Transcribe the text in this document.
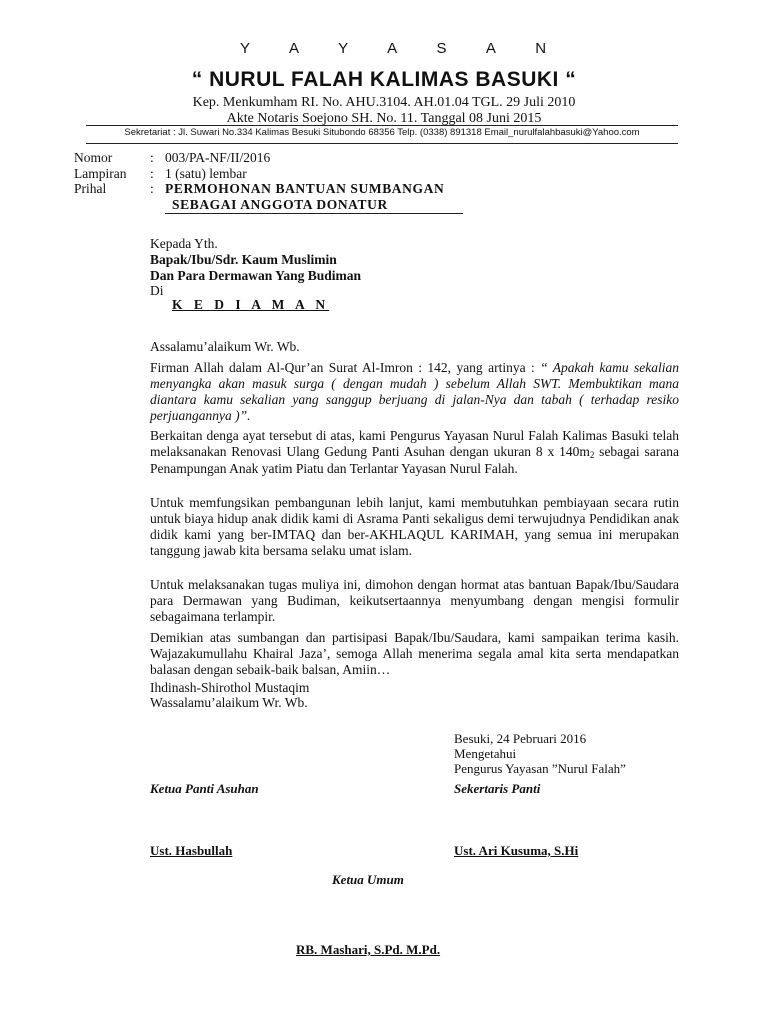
Y A Y A S A N
“ NURUL FALAH KALIMAS BASUKI “
Kep. Menkumham RI. No. AHU.3104. AH.01.04 TGL. 29 Juli 2010
Akte Notaris Soejono SH. No. 11. Tanggal 08 Juni 2015
Sekretariat : Jl. Suwari No.334 Kalimas Besuki Situbondo 68356 Telp. (0338) 891318 Email_nurulfalahbasuki@Yahoo.com
Nomor	: 003/PA-NF/II/2016
Lampiran : 1 (satu) lembar
Prihal	: PERMOHONAN BANTUAN SUMBANGAN
SEBAGAI ANGGOTA DONATUR
Kepada Yth.
Bapak/Ibu/Sdr. Kaum Muslimin
Dan Para Dermawan Yang Budiman
Di
K E D I A M A N
Assalamu’alaikum Wr. Wb.
Firman Allah dalam Al-Qur’an Surat Al-Imron : 142, yang artinya : “ Apakah kamu sekalian menyangka akan masuk surga ( dengan mudah ) sebelum Allah SWT. Membuktikan mana diantara kamu sekalian yang sanggup berjuang di jalan-Nya dan tabah ( terhadap resiko perjuangannya )”.
Berkaitan denga ayat tersebut di atas, kami Pengurus Yayasan Nurul Falah Kalimas Basuki telah melaksanakan Renovasi Ulang Gedung Panti Asuhan dengan ukuran 8 x $140m_2$ sebagai sarana Penampungan Anak yatim Piatu dan Terlantar Yayasan Nurul Falah.
Untuk memfungsikan pembangunan lebih lanjut, kami membutuhkan pembiayaan secara rutin untuk biaya hidup anak didik kami di Asrama Panti sekaligus demi terwujudnya Pendidikan anak didik kami yang ber-IMTAQ dan ber-AKHLAQUL KARIMAH, yang semua ini merupakan tanggung jawab kita bersama selaku umat islam.
Untuk melaksanakan tugas muliya ini, dimohon dengan hormat atas bantuan Bapak/Ibu/Saudara para Dermawan yang Budiman, keikutsertaannya menyumbang dengan mengisi formulir sebagaimana terlampir.
Demikian atas sumbangan dan partisipasi Bapak/Ibu/Saudara, kami sampaikan terima kasih. Wajazakumullahu Khairal Jaza’, semoga Allah menerima segala amal kita serta mendapatkan balasan dengan sebaik-baik balsan, Amiin…
Ihdinash-Shirothol Mustaqim
Wassalamu’alaikum Wr. Wb.
Besuki, 24 Pebruari 2016
Mengetahui
Pengurus Yayasan ”Nurul Falah”
Ketua Panti Asuhan	Sekertaris Panti
Ust. Hasbullah	Ust. Ari Kusuma, S.Hi
Ketua Umum
RB. Mashari, S.Pd. M.Pd.
